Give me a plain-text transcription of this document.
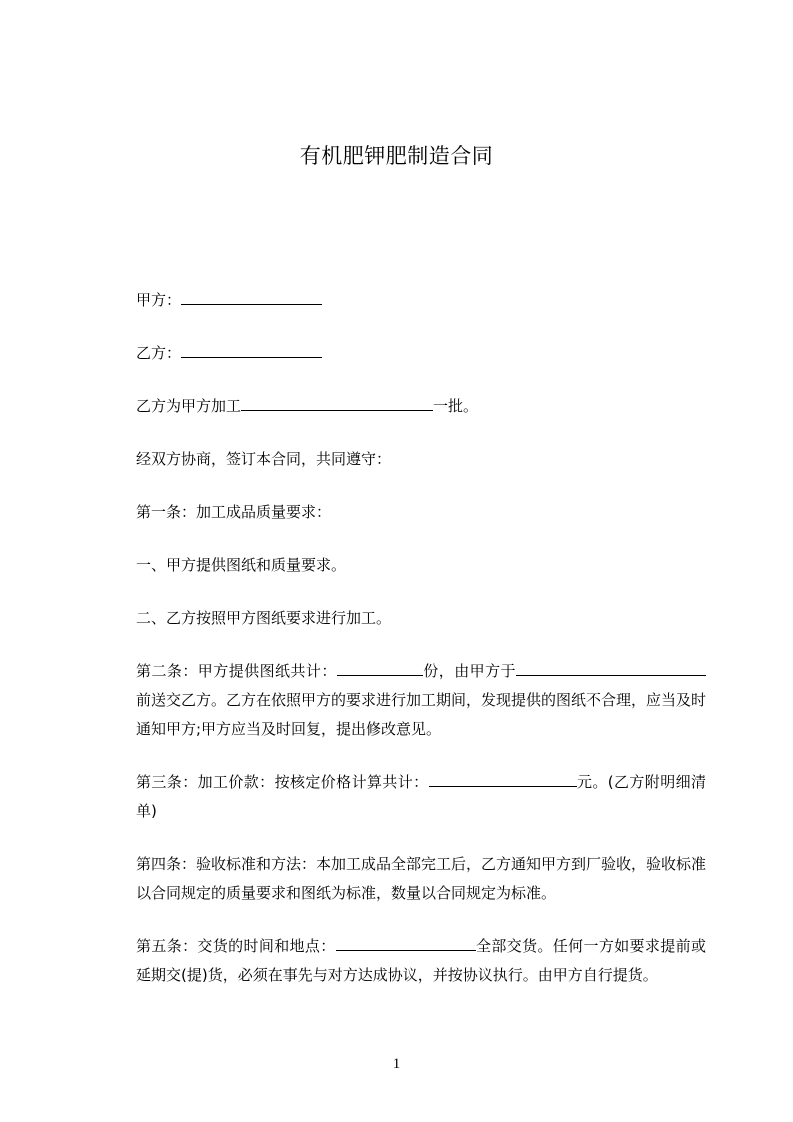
有机肥钾肥制造合同

甲方：

乙方：

乙方为甲方加工	一批。

经双方协商，签订本合同，共同遵守：

第一条：加工成品质量要求：

一、甲方提供图纸和质量要求。

二、乙方按照甲方图纸要求进行加工。

第二条：甲方提供图纸共计：	份，由甲方于前送交乙方。乙方在依照甲方的要求进行加工期间，发现提供的图纸不合理，应当及时通知甲方;甲方应当及时回复，提出修改意见。

第三条：加工价款：按核定价格计算共计：	元。(乙方附明细清单)

第四条：验收标准和方法：本加工成品全部完工后，乙方通知甲方到厂验收，验收标准以合同规定的质量要求和图纸为标准，数量以合同规定为标准。

第五条：交货的时间和地点：	全部交货。任何一方如要求提前或延期交(提)货，必须在事先与对方达成协议，并按协议执行。由甲方自行提货。

1
